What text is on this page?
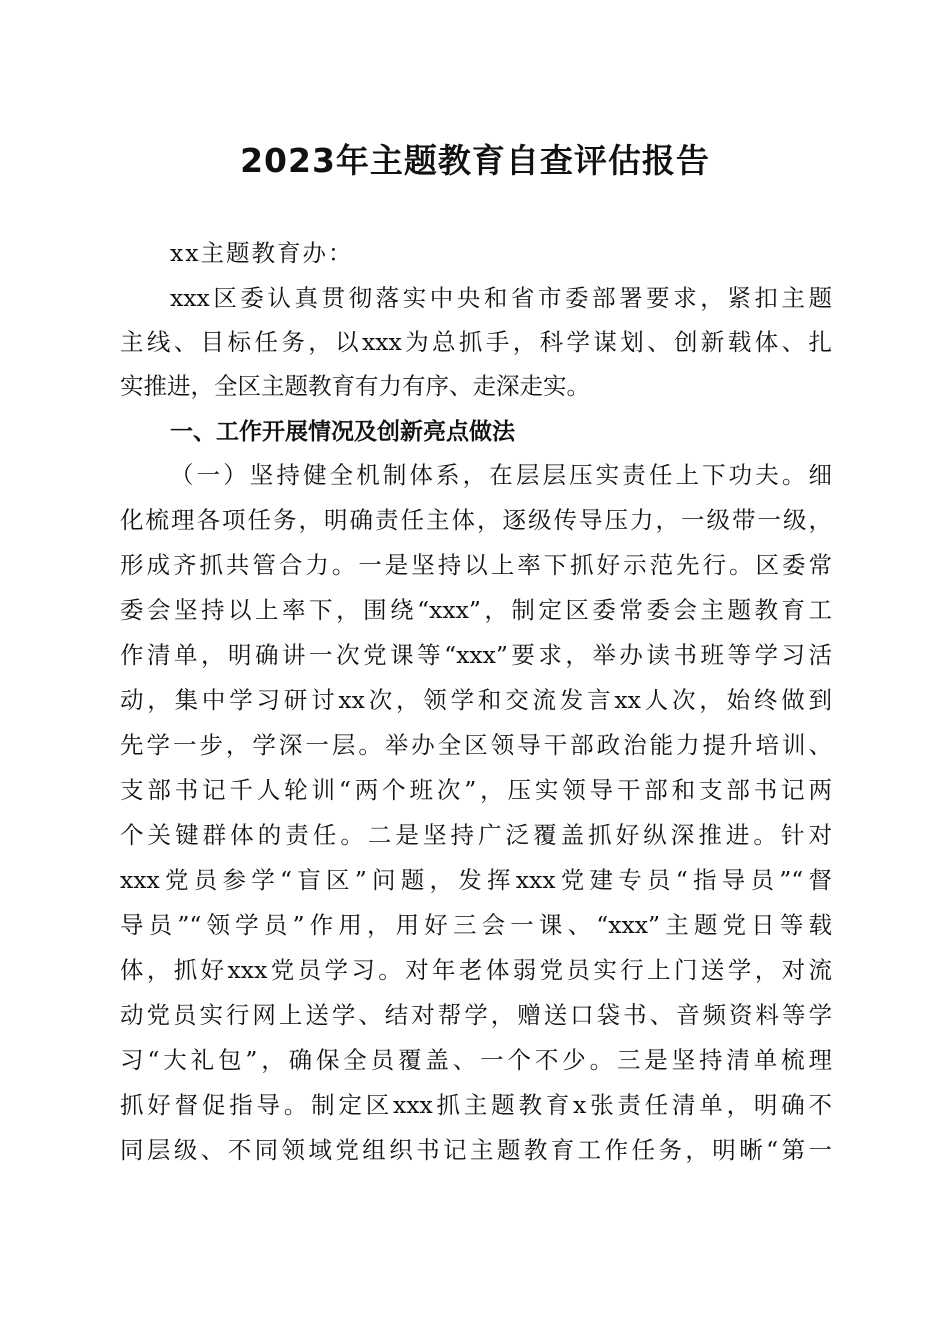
2023年主题教育自查评估报告
xx主题教育办：
xxx区委认真贯彻落实中央和省市委部署要求，紧扣主题
主线、目标任务，以xxx为总抓手，科学谋划、创新载体、扎
实推进，全区主题教育有力有序、走深走实。
一、工作开展情况及创新亮点做法
（一）坚持健全机制体系，在层层压实责任上下功夫。细
化梳理各项任务，明确责任主体，逐级传导压力，一级带一级，
形成齐抓共管合力。一是坚持以上率下抓好示范先行。区委常
委会坚持以上率下，围绕“xxx”，制定区委常委会主题教育工
作清单，明确讲一次党课等“xxx”要求，举办读书班等学习活
动，集中学习研讨xx次，领学和交流发言xx人次，始终做到
先学一步，学深一层。举办全区领导干部政治能力提升培训、
支部书记千人轮训“两个班次”，压实领导干部和支部书记两
个关键群体的责任。二是坚持广泛覆盖抓好纵深推进。针对
xxx党员参学“盲区”问题，发挥xxx党建专员“指导员”“督
导员”“领学员”作用，用好三会一课、“xxx”主题党日等载
体，抓好xxx党员学习。对年老体弱党员实行上门送学，对流
动党员实行网上送学、结对帮学，赠送口袋书、音频资料等学
习“大礼包”，确保全员覆盖、一个不少。三是坚持清单梳理
抓好督促指导。制定区xxx抓主题教育x张责任清单，明确不
同层级、不同领域党组织书记主题教育工作任务，明晰“第一
